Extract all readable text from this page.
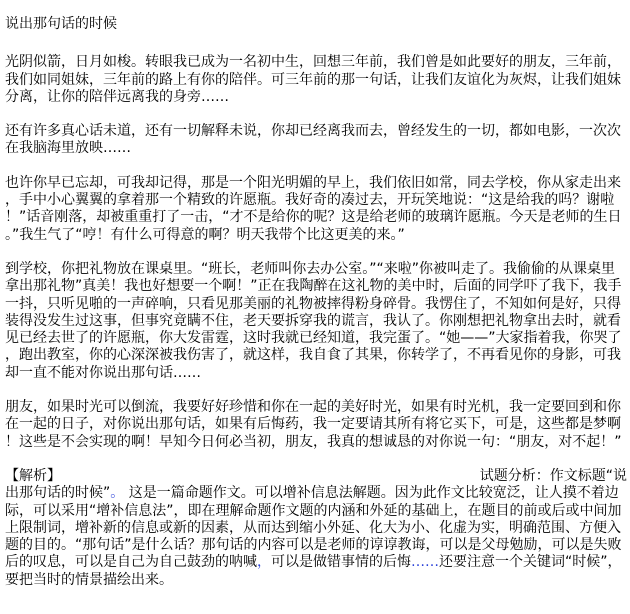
说出那句话的时候

光阴似箭，日月如梭。转眼我已成为一名初中生，回想三年前，我们曾是如此要好的朋友，三年前，我们如同姐妹，三年前的路上有你的陪伴。可三年前的那一句话，让我们友谊化为灰烬，让我们姐妹分离，让你的陪伴远离我的身旁……

还有许多真心话未道，还有一切解释未说，你却已经离我而去，曾经发生的一切，都如电影，一次次在我脑海里放映……

也许你早已忘却，可我却记得，那是一个阳光明媚的早上，我们依旧如常，同去学校，你从家走出来，手中小心翼翼的拿着那一个精致的许愿瓶。我好奇的凑过去，开玩笑地说：“这是给我的吗？谢啦！”话音刚落，却被重重打了一击，“才不是给你的呢？这是给老师的玻璃许愿瓶。今天是老师的生日。”我生气了“哼！有什么可得意的啊？明天我带个比这更美的来。”

到学校，你把礼物放在课桌里。“班长，老师叫你去办公室。”“来啦”你被叫走了。我偷偷的从课桌里拿出那礼物”真美！我也好想要一个啊！”正在我陶醉在这礼物的美中时，后面的同学吓了我下，我手一抖，只听见啪的一声碎响，只看见那美丽的礼物被摔得粉身碎骨。我愣住了，不知如何是好，只得装得没发生过这事，但事究竟瞒不住，老天要拆穿我的谎言，我认了。你刚想把礼物拿出去时，就看见已经去世了的许愿瓶，你大发雷霆，这时我就已经知道，我完蛋了。“她——”大家指着我，你哭了，跑出教室，你的心深深被我伤害了，就这样，我自食了其果，你转学了，不再看见你的身影，可我却一直不能对你说出那句话……

朋友，如果时光可以倒流，我要好好珍惜和你在一起的美好时光，如果有时光机，我一定要回到和你在一起的日子，对你说出那句话，如果有后悔药，我一定要请其所有将它买下，可是，这些都是梦啊！这些是不会实现的啊！早知今日何必当初，朋友，我真的想诚恳的对你说一句：“朋友，对不起！”

【解析】	试题分析：作文标题“说
出那句话的时候”。 这是一篇命题作文。可以增补信息法解题。因为此作文比较宽泛，让人摸不着边际，可以采用“增补信息法”，即在理解命题作文题的内涵和外延的基础上，在题目的前或后或中间加上限制词，增补新的信息或新的因素，从而达到缩小外延、化大为小、化虚为实，明确范围、方便入题的目的。“那句话”是什么话？那句话的内容可以是老师的谆谆教诲，可以是父母勉励，可以是失败后的叹息，可以是自己为自己鼓劲的呐喊，可以是做错事情的后悔……还要注意一个关键词“时候”，要把当时的情景描绘出来。
